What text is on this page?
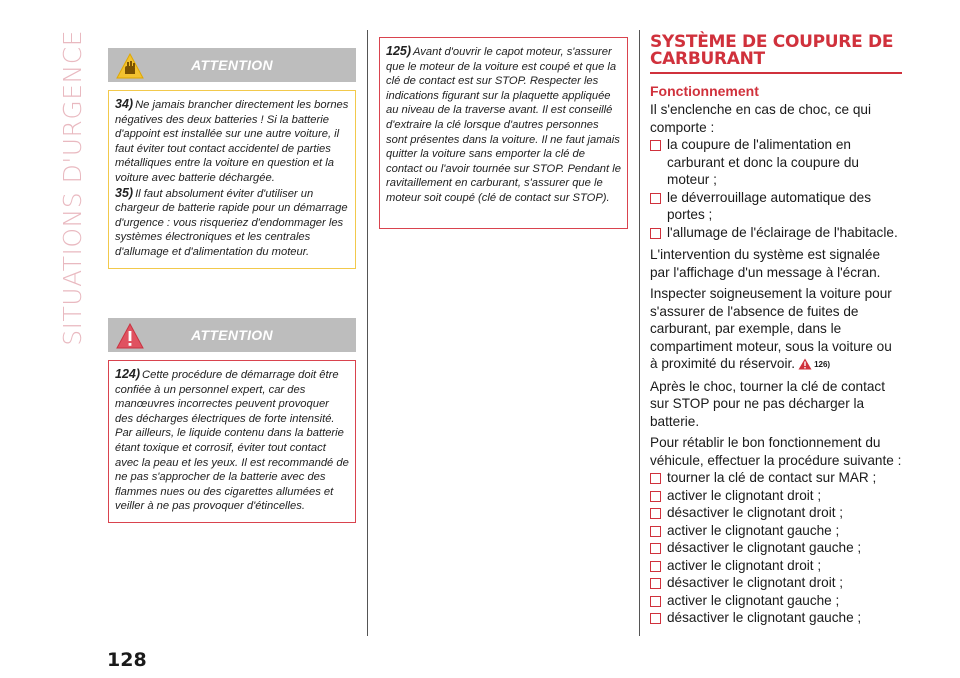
SITUATIONS D'URGENCE	ATTENTION

34) Ne jamais brancher directement les bornes négatives des deux batteries ! Si la batterie d'appoint est installée sur une autre voiture, il faut éviter tout contact accidentel de parties métalliques entre la voiture en question et la voiture avec batterie déchargée.

35) Il faut absolument éviter d'utiliser un chargeur de batterie rapide pour un démarrage d'urgence : vous risqueriez d'endommager les systèmes électroniques et les centrales d'allumage et d'alimentation du moteur.

ATTENTION

124) Cette procédure de démarrage doit être confiée à un personnel expert, car des manœuvres incorrectes peuvent provoquer des décharges électriques de forte intensité. Par ailleurs, le liquide contenu dans la batterie étant toxique et corrosif, éviter tout contact avec la peau et les yeux. Il est recommandé de ne pas s'approcher de la batterie avec des flammes nues ou des cigarettes allumées et veiller à ne pas provoquer d'étincelles.

125) Avant d'ouvrir le capot moteur, s'assurer que le moteur de la voiture est coupé et que la clé de contact est sur STOP. Respecter les indications figurant sur la plaquette appliquée au niveau de la traverse avant. Il est conseillé d'extraire la clé lorsque d'autres personnes sont présentes dans la voiture. Il ne faut jamais quitter la voiture sans emporter la clé de contact ou l'avoir tournée sur STOP. Pendant le ravitaillement en carburant, s'assurer que le moteur soit coupé (clé de contact sur STOP).
SYSTÈME DE COUPURE DE CARBURANT
Fonctionnement
Il s'enclenche en cas de choc, ce qui comporte :
la coupure de l'alimentation en carburant et donc la coupure du moteur ;
le déverrouillage automatique des portes ;
l'allumage de l'éclairage de l'habitacle.
L'intervention du système est signalée par l'affichage d'un message à l'écran.
Inspecter soigneusement la voiture pour s'assurer de l'absence de fuites de carburant, par exemple, dans le compartiment moteur, sous la voiture ou à proximité du réservoir. 126)
Après le choc, tourner la clé de contact sur STOP pour ne pas décharger la batterie.
Pour rétablir le bon fonctionnement du véhicule, effectuer la procédure suivante :
tourner la clé de contact sur MAR ;
activer le clignotant droit ;
désactiver le clignotant droit ;
activer le clignotant gauche ;
désactiver le clignotant gauche ;
activer le clignotant droit ;
désactiver le clignotant droit ;
activer le clignotant gauche ;
désactiver le clignotant gauche ;
128
